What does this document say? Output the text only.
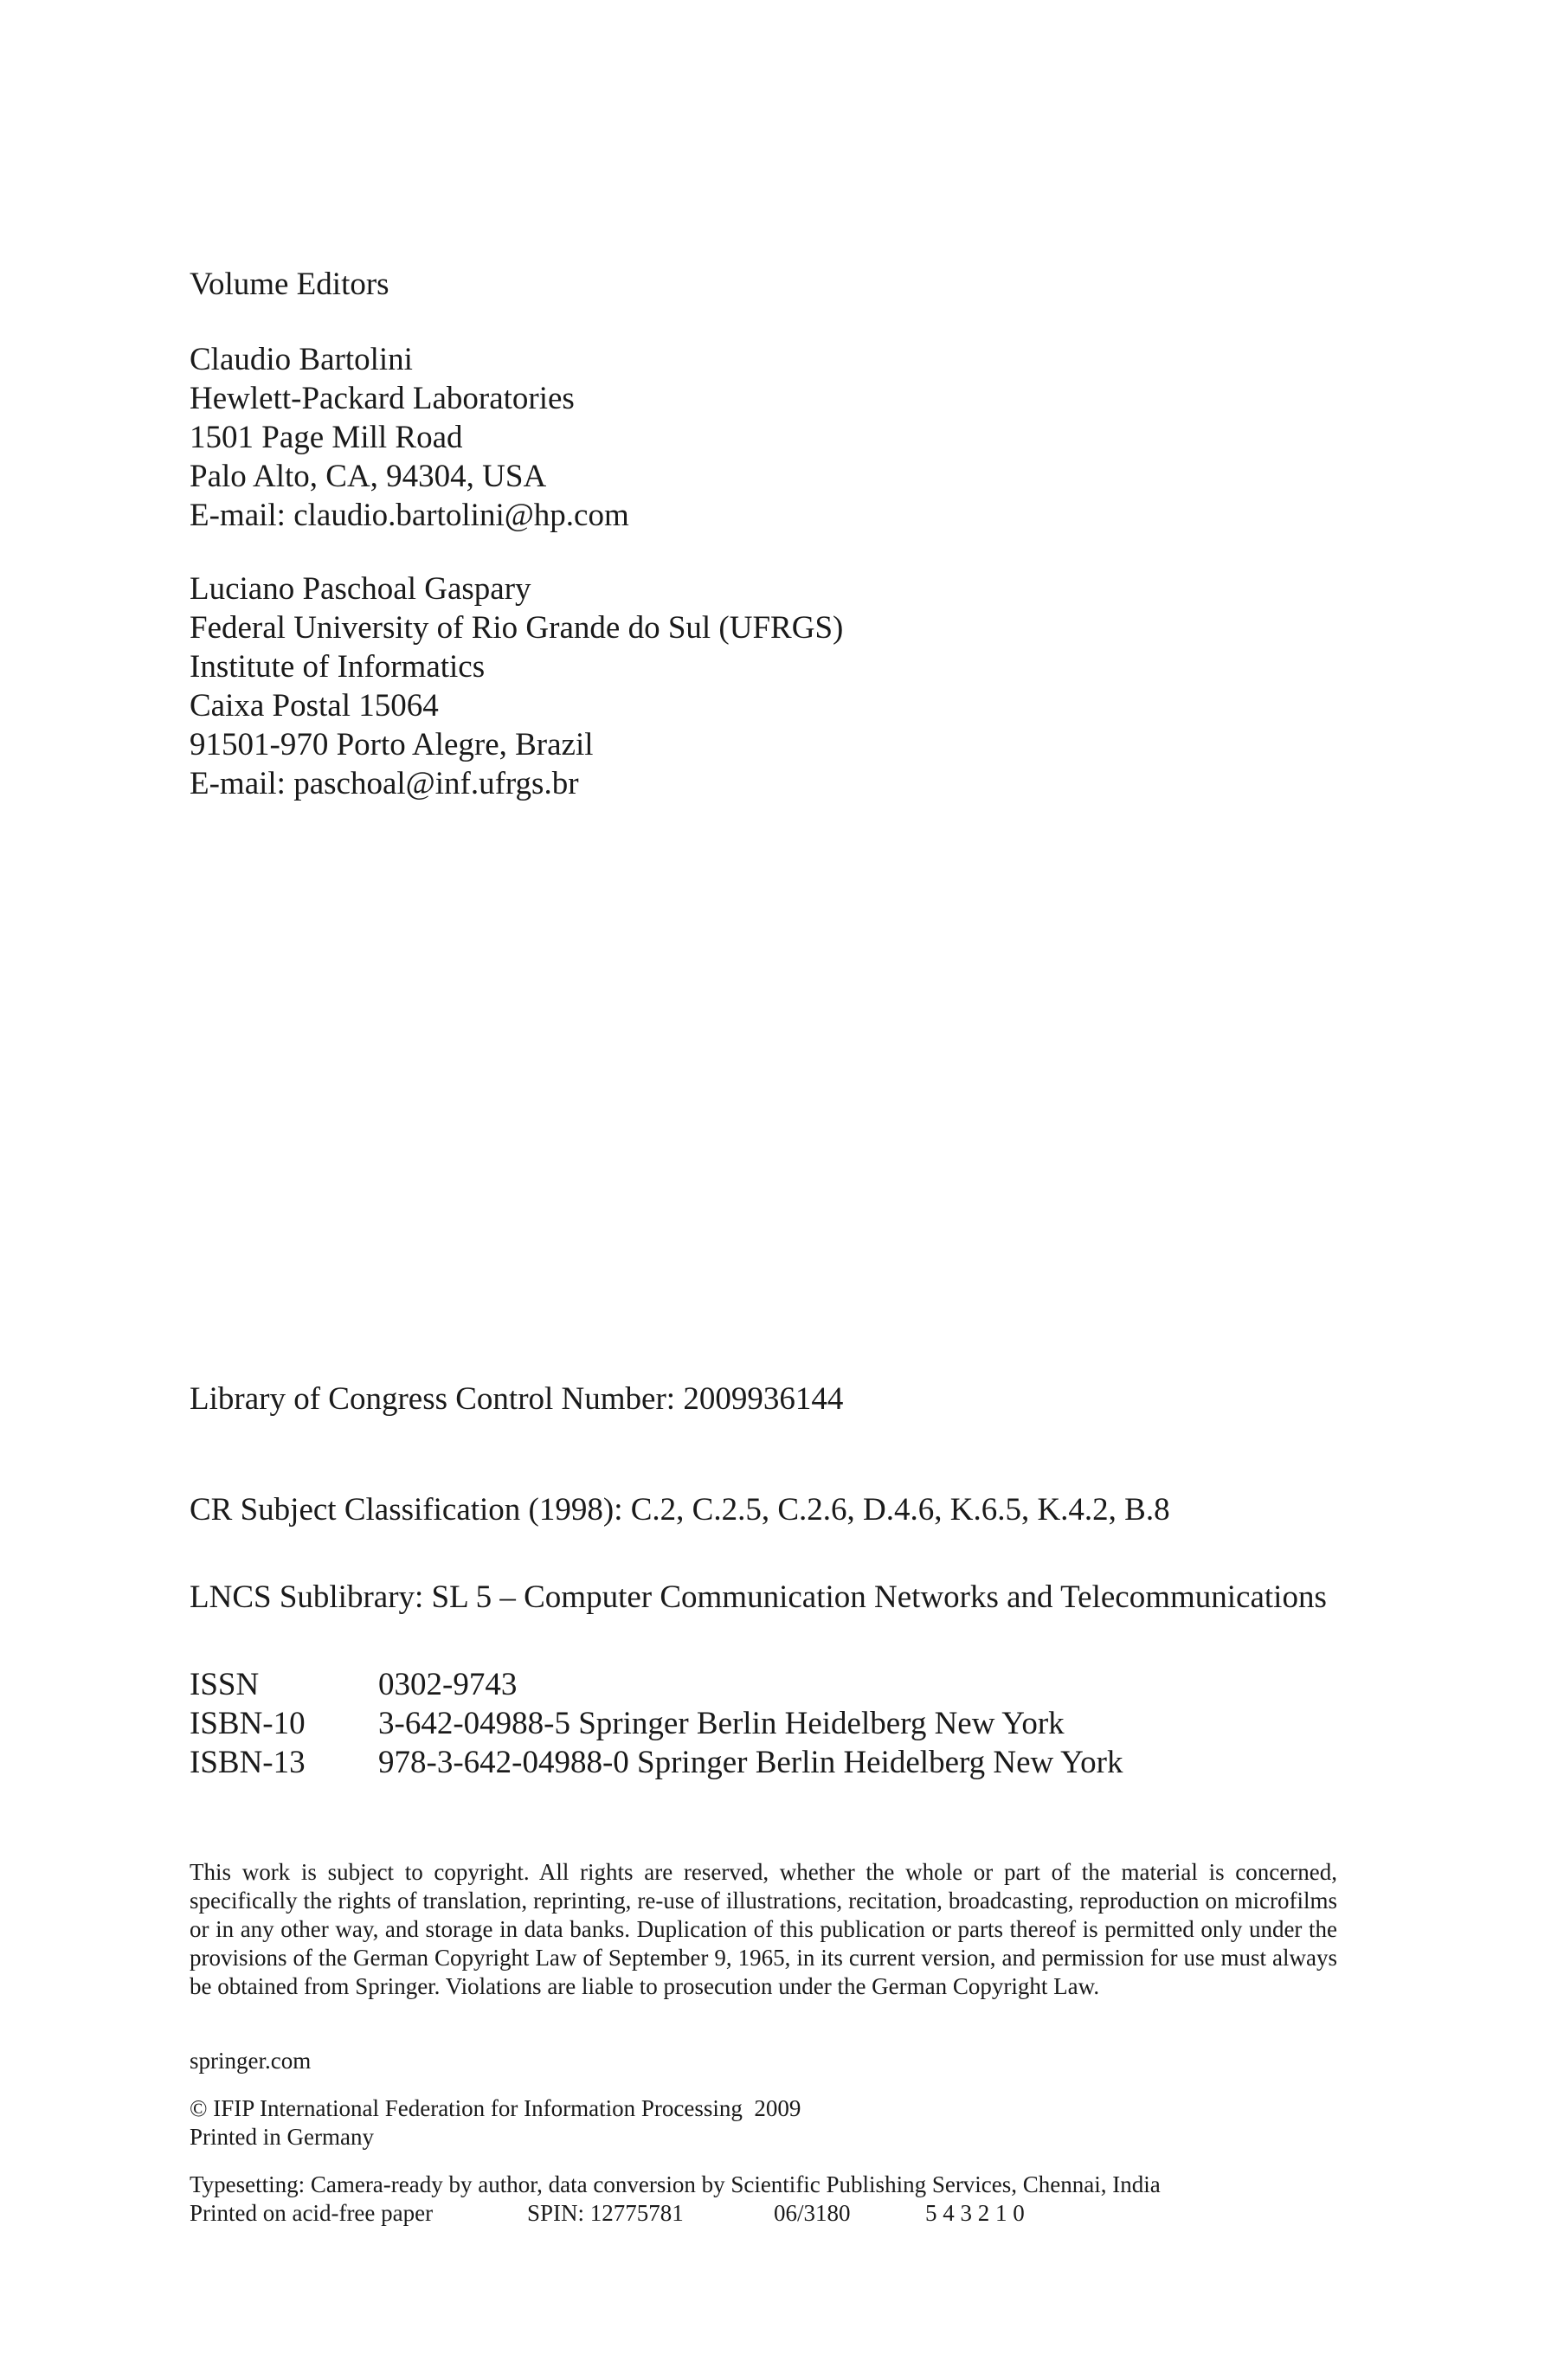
Volume Editors
Claudio Bartolini
Hewlett-Packard Laboratories
1501 Page Mill Road
Palo Alto, CA, 94304, USA
E-mail: claudio.bartolini@hp.com
Luciano Paschoal Gaspary
Federal University of Rio Grande do Sul (UFRGS)
Institute of Informatics
Caixa Postal 15064
91501-970 Porto Alegre, Brazil
E-mail: paschoal@inf.ufrgs.br
Library of Congress Control Number: 2009936144
CR Subject Classification (1998): C.2, C.2.5, C.2.6, D.4.6, K.6.5, K.4.2, B.8
LNCS Sublibrary: SL 5 – Computer Communication Networks and Telecommunications
ISSN	0302-9743
ISBN-10	3-642-04988-5 Springer Berlin Heidelberg New York
ISBN-13	978-3-642-04988-0 Springer Berlin Heidelberg New York
This work is subject to copyright. All rights are reserved, whether the whole or part of the material is concerned, specifically the rights of translation, reprinting, re-use of illustrations, recitation, broadcasting, reproduction on microfilms or in any other way, and storage in data banks. Duplication of this publication or parts thereof is permitted only under the provisions of the German Copyright Law of September 9, 1965, in its current version, and permission for use must always be obtained from Springer. Violations are liable to prosecution under the German Copyright Law.
springer.com
© IFIP International Federation for Information Processing  2009
Printed in Germany
Typesetting: Camera-ready by author, data conversion by Scientific Publishing Services, Chennai, India
Printed on acid-free paper	SPIN: 12775781	06/3180	5 4 3 2 1 0
